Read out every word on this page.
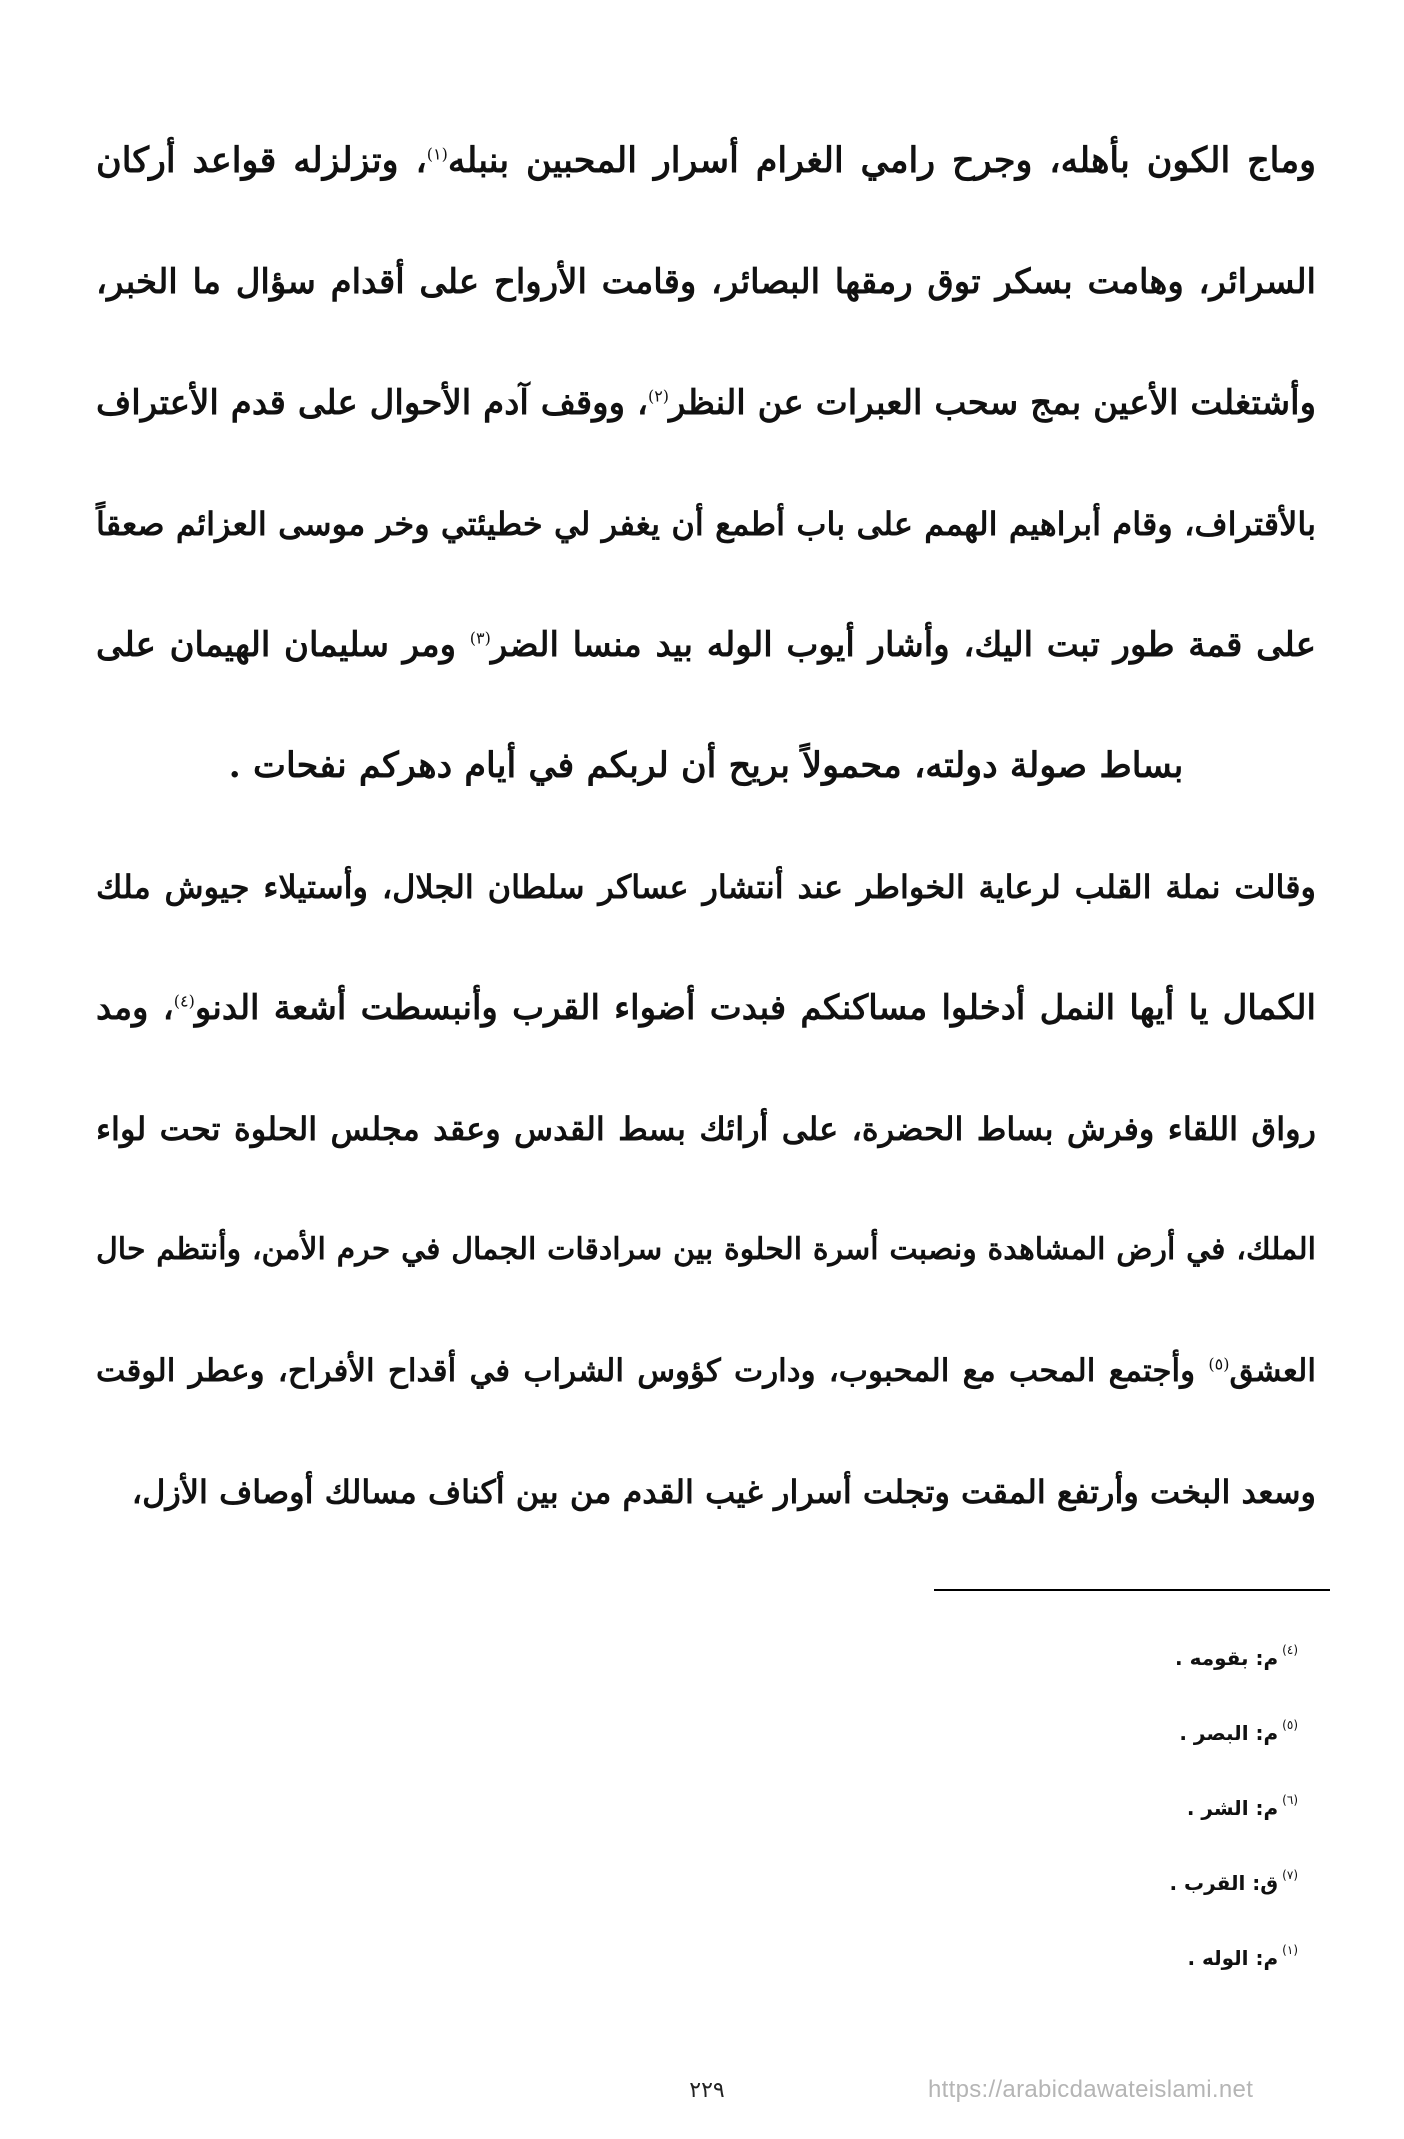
وماج الكون بأهله، وجرح رامي الغرام أسرار المحبين بنبله$^{(١)}$، وتزلزله قواعد أركان
السرائر، وهامت بسكر توق رمقها البصائر، وقامت الأرواح على أقدام سؤال ما الخبر،
وأشتغلت الأعين بمج سحب العبرات عن النظر$^{(٢)}$، ووقف آدم الأحوال على قدم الأعتراف
بالأقتراف، وقام أبراهيم الهمم على باب أطمع أن يغفر لي خطيئتي وخر موسى العزائم صعقاً
على قمة طور تبت اليك، وأشار أيوب الوله بيد منسا الضر$^{(٣)}$ ومر سليمان الهيمان على
بساط صولة دولته، محمولاً بريح أن لربكم في أيام دهركم نفحات .
وقالت نملة القلب لرعاية الخواطر عند أنتشار عساكر سلطان الجلال، وأستيلاء جيوش ملك
الكمال يا أيها النمل أدخلوا مساكنكم فبدت أضواء القرب وأنبسطت أشعة الدنو$^{(٤)}$، ومد
رواق اللقاء وفرش بساط الحضرة، على أرائك بسط القدس وعقد مجلس الحلوة تحت لواء
الملك، في أرض المشاهدة ونصبت أسرة الحلوة بين سرادقات الجمال في حرم الأمن، وأنتظم حال
العشق$^{(٥)}$ وأجتمع المحب مع المحبوب، ودارت كؤوس الشراب في أقداح الأفراح، وعطر الوقت
وسعد البخت وأرتفع المقت وتجلت أسرار غيب القدم من بين أكناف مسالك أوصاف الأزل،
(٤)
م: بقومه .
(٥)
م: البصر .
(٦)
م: الشر .
(٧)
ق: القرب .
(١)
م: الوله .
٢٢٩	https://arabicdawateislami.net
